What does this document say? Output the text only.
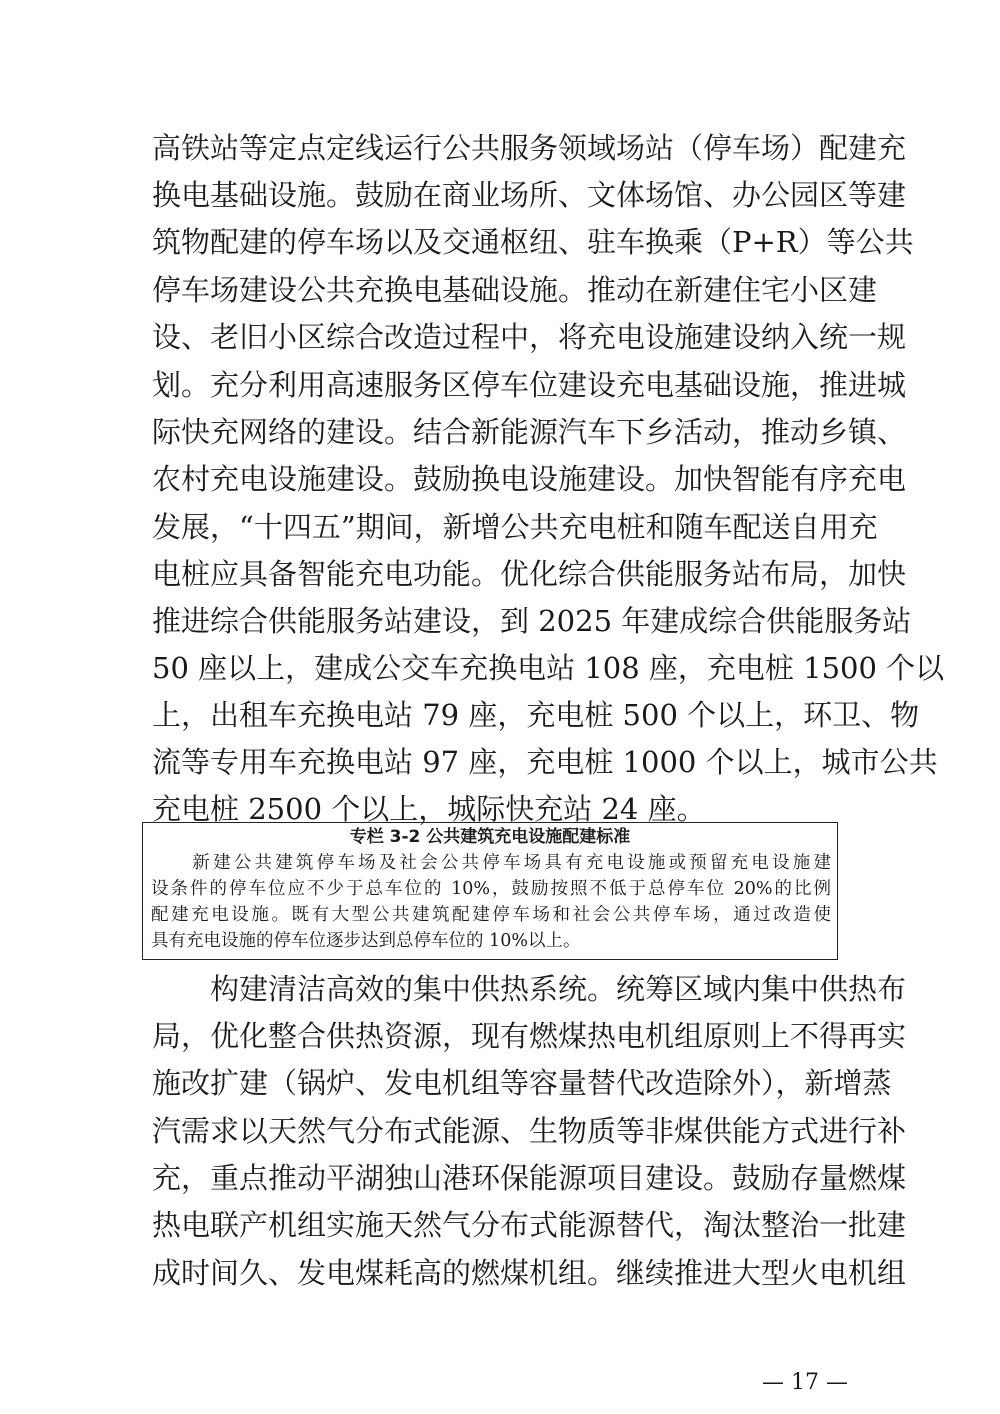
高铁站等定点定线运行公共服务领域场站（停车场）配建充
换电基础设施。鼓励在商业场所、文体场馆、办公园区等建
筑物配建的停车场以及交通枢纽、驻车换乘（P+R）等公共
停车场建设公共充换电基础设施。推动在新建住宅小区建
设、老旧小区综合改造过程中，将充电设施建设纳入统一规
划。充分利用高速服务区停车位建设充电基础设施，推进城
际快充网络的建设。结合新能源汽车下乡活动，推动乡镇、
农村充电设施建设。鼓励换电设施建设。加快智能有序充电
发展，“十四五”期间，新增公共充电桩和随车配送自用充
电桩应具备智能充电功能。优化综合供能服务站布局，加快
推进综合供能服务站建设，到 2025 年建成综合供能服务站
50 座以上，建成公交车充换电站 108 座，充电桩 1500 个以
上，出租车充换电站 79 座，充电桩 500 个以上，环卫、物
流等专用车充换电站 97 座，充电桩 1000 个以上，城市公共
充电桩 2500 个以上，城际快充站 24 座。
专栏 3-2 公共建筑充电设施配建标准
　　新建公共建筑停车场及社会公共停车场具有充电设施或预留充电设施建
设条件的停车位应不少于总车位的 10%，鼓励按照不低于总停车位 20%的比例
配建充电设施。既有大型公共建筑配建停车场和社会公共停车场，通过改造使
具有充电设施的停车位逐步达到总停车位的 10%以上。
构建清洁高效的集中供热系统。统筹区域内集中供热布
局，优化整合供热资源，现有燃煤热电机组原则上不得再实
施改扩建（锅炉、发电机组等容量替代改造除外），新增蒸
汽需求以天然气分布式能源、生物质等非煤供能方式进行补
充，重点推动平湖独山港环保能源项目建设。鼓励存量燃煤
热电联产机组实施天然气分布式能源替代，淘汰整治一批建
成时间久、发电煤耗高的燃煤机组。继续推进大型火电机组
— 17 —
